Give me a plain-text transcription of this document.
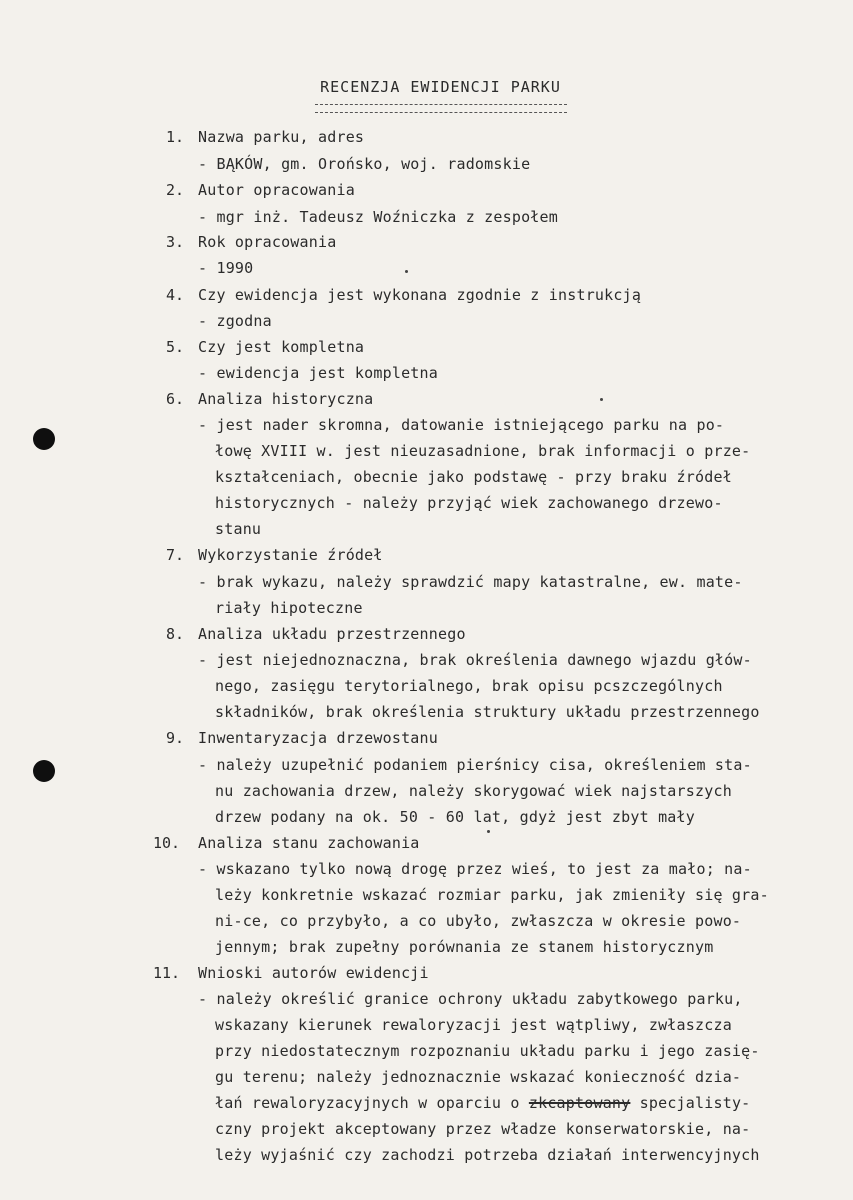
RECENZJA EWIDENCJI PARKU
1. Nazwa parku, adres
- BĄKÓW, gm. Orońsko, woj. radomskie
2. Autor opracowania
- mgr inż. Tadeusz Woźniczka z zespołem
3. Rok opracowania
- 1990
4. Czy ewidencja jest wykonana zgodnie z instrukcją
- zgodna
5. Czy jest kompletna
- ewidencja jest kompletna
6. Analiza historyczna
- jest nader skromna, datowanie istniejącego parku na po-
łowę XVIII w. jest nieuzasadnione, brak informacji o prze-
kształceniach, obecnie jako podstawę - przy braku źródeł
historycznych - należy przyjąć wiek zachowanego drzewo-
stanu
7. Wykorzystanie źródeł
- brak wykazu, należy sprawdzić mapy katastralne, ew. mate-
riały hipoteczne
8. Analiza układu przestrzennego
- jest niejednoznaczna, brak określenia dawnego wjazdu głów-
nego, zasięgu terytorialnego, brak opisu pcszczególnych
składników, brak określenia struktury układu przestrzennego
9. Inwentaryzacja drzewostanu
- należy uzupełnić podaniem pierśnicy cisa, określeniem sta-
nu zachowania drzew, należy skorygować wiek najstarszych
drzew podany na ok. 50 - 60 lat, gdyż jest zbyt mały
10. Analiza stanu zachowania
- wskazano tylko nową drogę przez wieś, to jest za mało; na-
leży konkretnie wskazać rozmiar parku, jak zmieniły się gra-
ni-ce, co przybyło, a co ubyło, zwłaszcza w okresie powo-
jennym; brak zupełny porównania ze stanem historycznym
11. Wnioski autorów ewidencji
- należy określić granice ochrony układu zabytkowego parku,
wskazany kierunek rewaloryzacji jest wątpliwy, zwłaszcza
przy niedostatecznym rozpoznaniu układu parku i jego zasię-
gu terenu; należy jednoznacznie wskazać konieczność dzia-
łań rewaloryzacyjnych w oparciu o zkcaptowany specjalisty-
czny projekt akceptowany przez władze konserwatorskie, na-
leży wyjaśnić czy zachodzi potrzeba działań interwencyjnych
